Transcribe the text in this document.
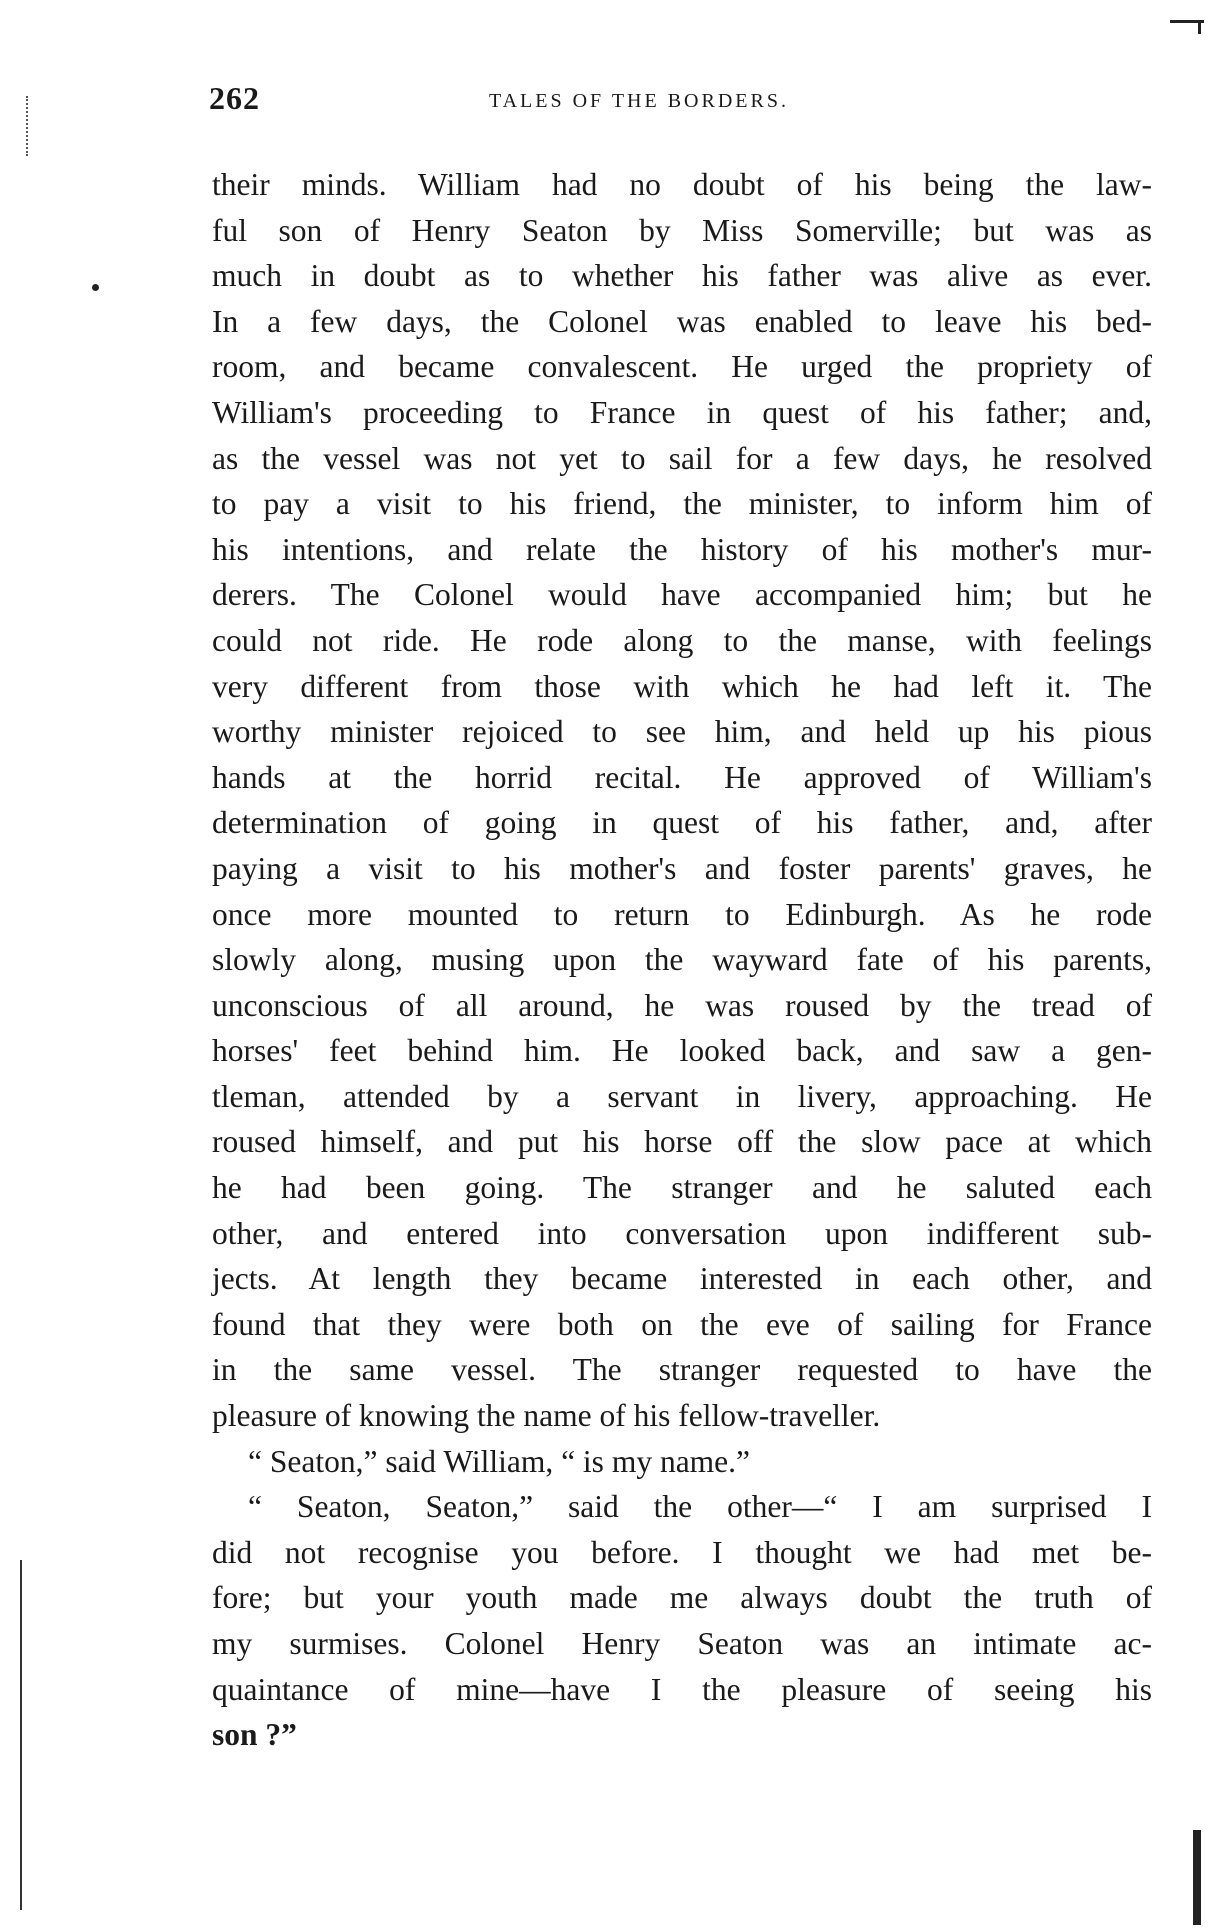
262	TALES OF THE BORDERS.
their minds. William had no doubt of his being the law-
ful son of Henry Seaton by Miss Somerville; but was as
much in doubt as to whether his father was alive as ever.
In a few days, the Colonel was enabled to leave his bed-
room, and became convalescent. He urged the propriety of
William's proceeding to France in quest of his father; and,
as the vessel was not yet to sail for a few days, he resolved
to pay a visit to his friend, the minister, to inform him of
his intentions, and relate the history of his mother's mur-
derers. The Colonel would have accompanied him; but he
could not ride. He rode along to the manse, with feelings
very different from those with which he had left it. The
worthy minister rejoiced to see him, and held up his pious
hands at the horrid recital. He approved of William's
determination of going in quest of his father, and, after
paying a visit to his mother's and foster parents' graves, he
once more mounted to return to Edinburgh. As he rode
slowly along, musing upon the wayward fate of his parents,
unconscious of all around, he was roused by the tread of
horses' feet behind him. He looked back, and saw a gen-
tleman, attended by a servant in livery, approaching. He
roused himself, and put his horse off the slow pace at which
he had been going. The stranger and he saluted each
other, and entered into conversation upon indifferent sub-
jects. At length they became interested in each other, and
found that they were both on the eve of sailing for France
in the same vessel. The stranger requested to have the
pleasure of knowing the name of his fellow-traveller.
“ Seaton,” said William, “ is my name.”
“ Seaton, Seaton,” said the other—“ I am surprised I
did not recognise you before. I thought we had met be-
fore; but your youth made me always doubt the truth of
my surmises. Colonel Henry Seaton was an intimate ac-
quaintance of mine—have I the pleasure of seeing his
son ?”
